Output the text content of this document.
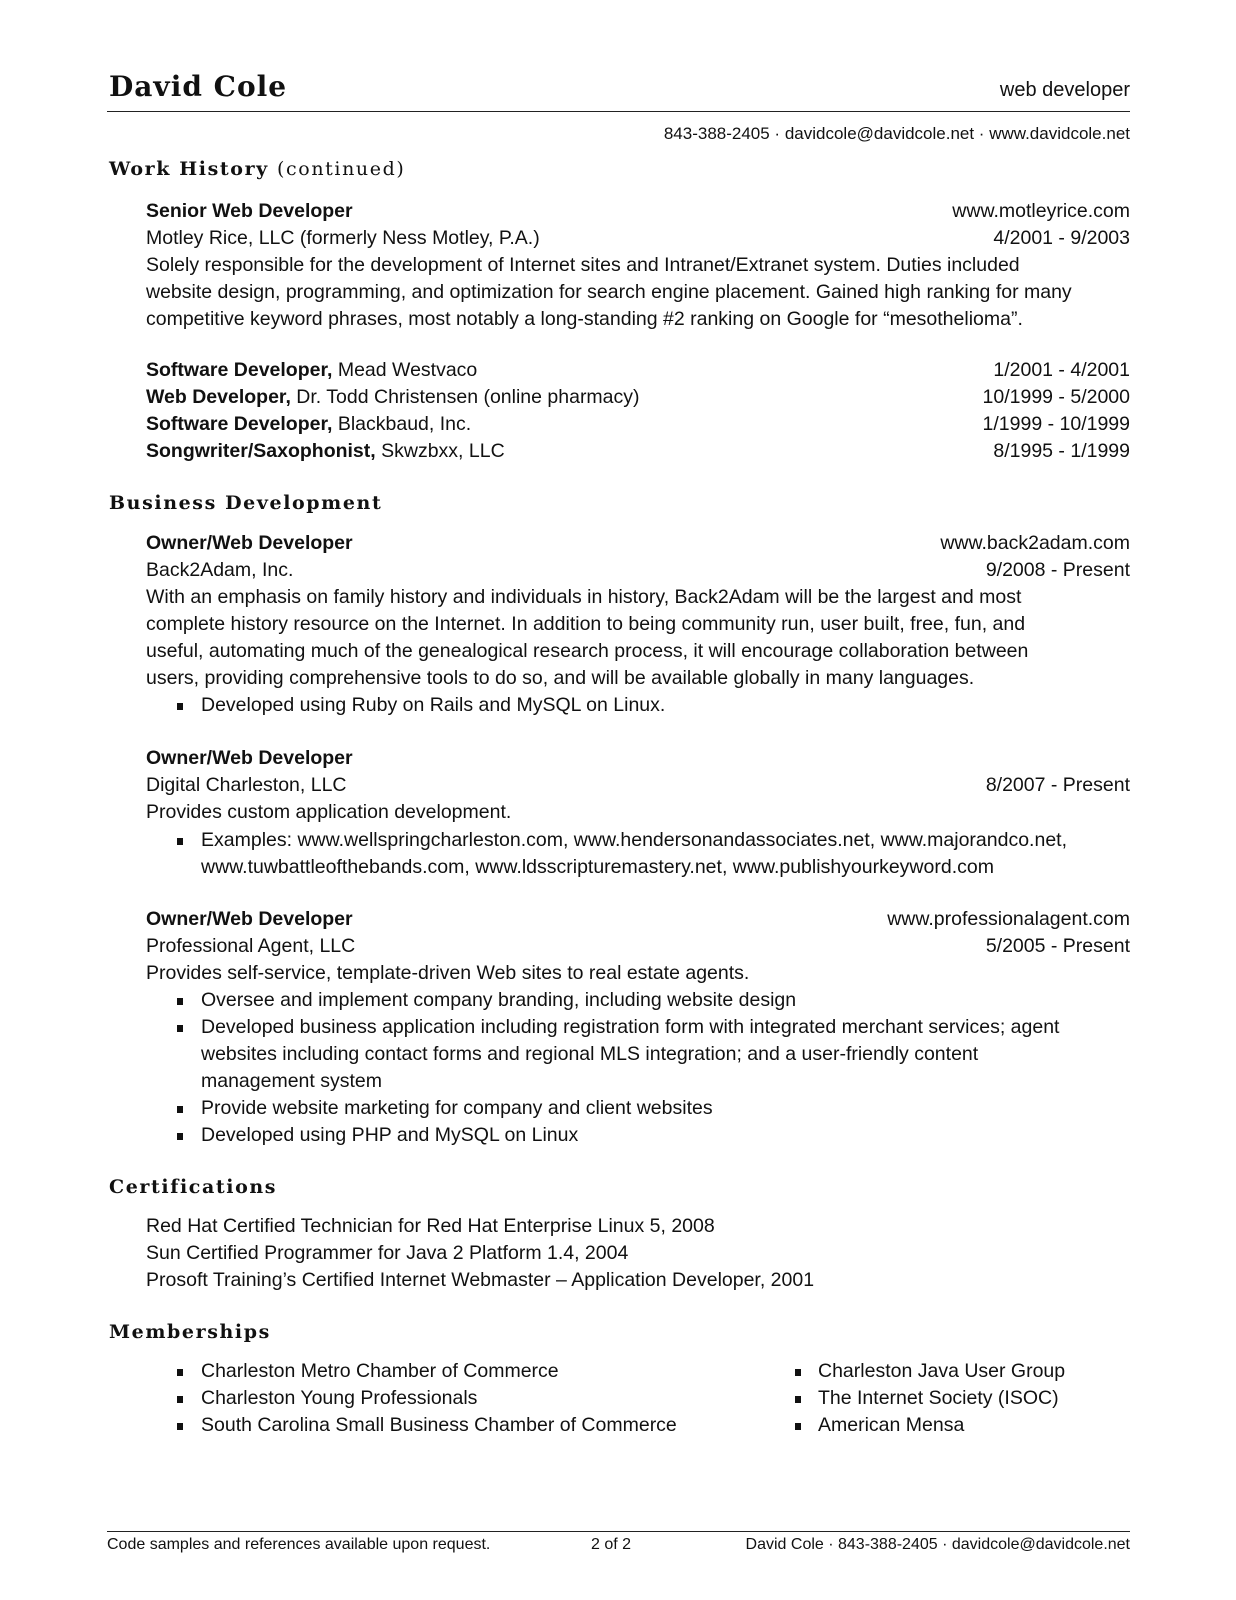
David Cole	web developer
843-388-2405 · davidcole@davidcole.net · www.davidcole.net
Work History (continued)
Senior Web Developer	www.motleyrice.com
Motley Rice, LLC (formerly Ness Motley, P.A.)	4/2001 - 9/2003
Solely responsible for the development of Internet sites and Intranet/Extranet system. Duties included
website design, programming, and optimization for search engine placement. Gained high ranking for many
competitive keyword phrases, most notably a long-standing #2 ranking on Google for “mesothelioma”.
Software Developer, Mead Westvaco	1/2001 - 4/2001
Web Developer, Dr. Todd Christensen (online pharmacy)	10/1999 - 5/2000
Software Developer, Blackbaud, Inc.	1/1999 - 10/1999
Songwriter/Saxophonist, Skwzbxx, LLC	8/1995 - 1/1999
Business Development
Owner/Web Developer	www.back2adam.com
Back2Adam, Inc.	9/2008 - Present
With an emphasis on family history and individuals in history, Back2Adam will be the largest and most
complete history resource on the Internet. In addition to being community run, user built, free, fun, and
useful, automating much of the genealogical research process, it will encourage collaboration between
users, providing comprehensive tools to do so, and will be available globally in many languages.
Developed using Ruby on Rails and MySQL on Linux.
Owner/Web Developer
Digital Charleston, LLC	8/2007 - Present
Provides custom application development.
Examples: www.wellspringcharleston.com, www.hendersonandassociates.net, www.majorandco.net,
www.tuwbattleofthebands.com, www.ldsscripturemastery.net, www.publishyourkeyword.com
Owner/Web Developer	www.professionalagent.com
Professional Agent, LLC	5/2005 - Present
Provides self-service, template-driven Web sites to real estate agents.
Oversee and implement company branding, including website design
Developed business application including registration form with integrated merchant services; agent
websites including contact forms and regional MLS integration; and a user-friendly content
management system
Provide website marketing for company and client websites
Developed using PHP and MySQL on Linux
Certifications
Red Hat Certified Technician for Red Hat Enterprise Linux 5, 2008
Sun Certified Programmer for Java 2 Platform 1.4, 2004
Prosoft Training’s Certified Internet Webmaster – Application Developer, 2001
Memberships
Charleston Metro Chamber of Commerce
Charleston Young Professionals
South Carolina Small Business Chamber of Commerce
Charleston Java User Group
The Internet Society (ISOC)
American Mensa
Code samples and references available upon request.	2 of 2	David Cole · 843-388-2405 · davidcole@davidcole.net
